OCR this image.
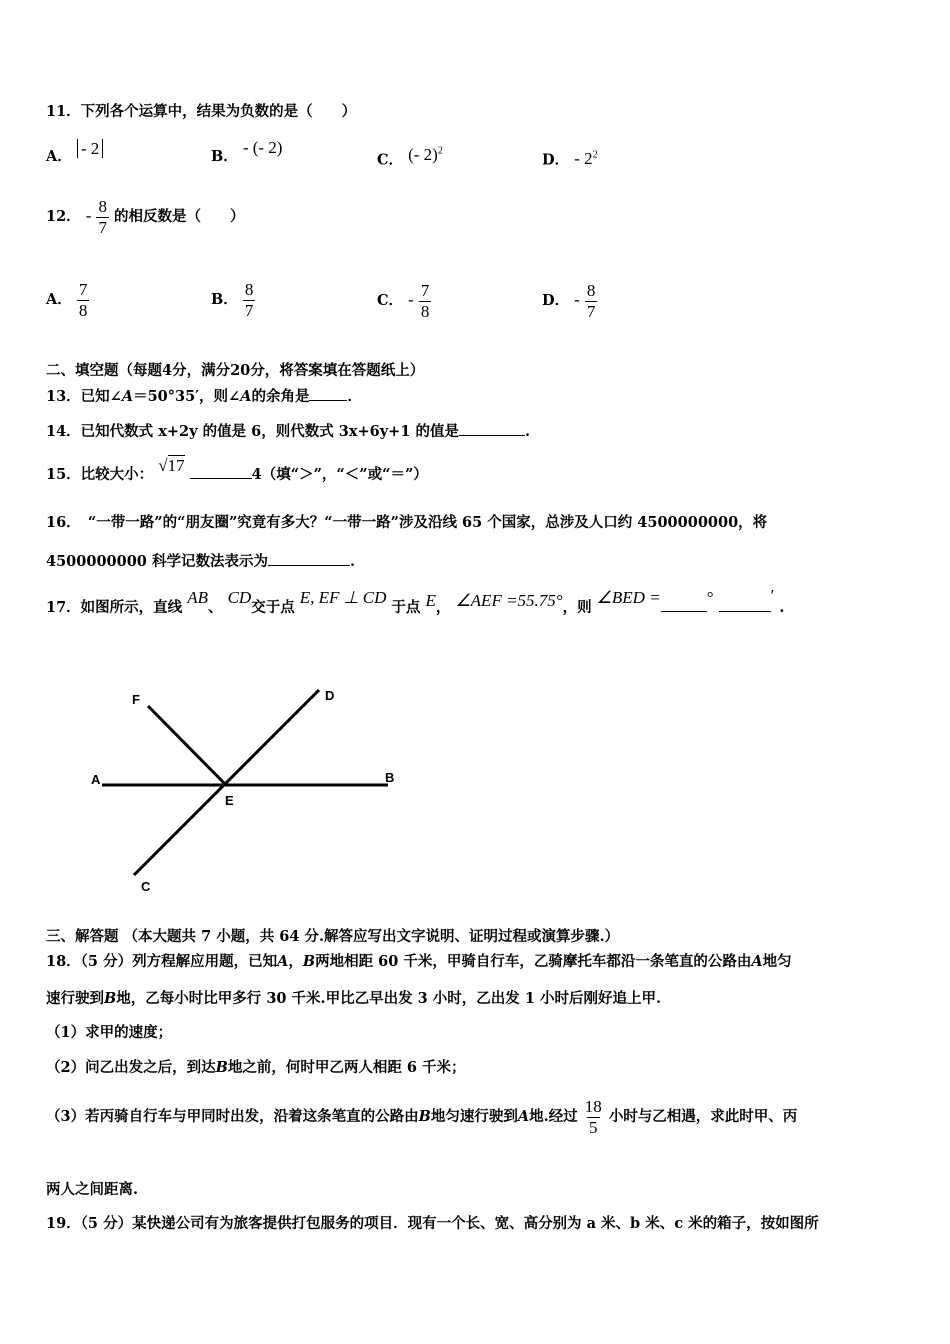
11．下列各个运算中，结果为负数的是（　　）
A． - 2	B． - (- 2)
C． (- 2)$^2$
D． - $2^2$
12． - $\frac{8}{7}$ 的相反数是（　　）
A． $\frac{7}{8}$	B． $\frac{8}{7}$	C． - $\frac{7}{8}$	D． - $\frac{8}{7}$
二、填空题（每题4分，满分20分，将答案填在答题纸上）
13．已知∠A＝50°35′，则∠A的余角是	．
14．已知代数式 x+2y 的值是 6，则代数式 3x+6y+1 的值是	.
15．比较大小： √17	4（填“＞”，“＜”或“＝”）
16．　“一带一路”的“朋友圈”究竟有多大？“一带一路”涉及沿线 65 个国家，总涉及人口约 4500000000，将
4500000000 科学记数法表示为	.
17．如图所示，直线 AB、 CD交于点 E, EF ⊥ CD 于点 E， ∠AEF =55.75°，则 ∠BED =	°	′ .
F	D
A	B
E
C
三、解答题 （本大题共 7 小题，共 64 分.解答应写出文字说明、证明过程或演算步骤.）
18．（5 分）列方程解应用题，已知A，B两地相距 60 千米，甲骑自行车，乙骑摩托车都沿一条笔直的公路由A地匀
速行驶到B地，乙每小时比甲多行 30 千米.甲比乙早出发 3 小时，乙出发 1 小时后刚好追上甲.
（1）求甲的速度；
（2）问乙出发之后，到达B地之前，何时甲乙两人相距 6 千米；
（3）若丙骑自行车与甲同时出发，沿着这条笔直的公路由B地匀速行驶到A地.经过 $\frac{18}{5}$ 小时与乙相遇，求此时甲、丙
两人之间距离.
19．（5 分）某快递公司有为旅客提供打包服务的项目．现有一个长、宽、高分别为 a 米、b 米、c 米的箱子，按如图所
